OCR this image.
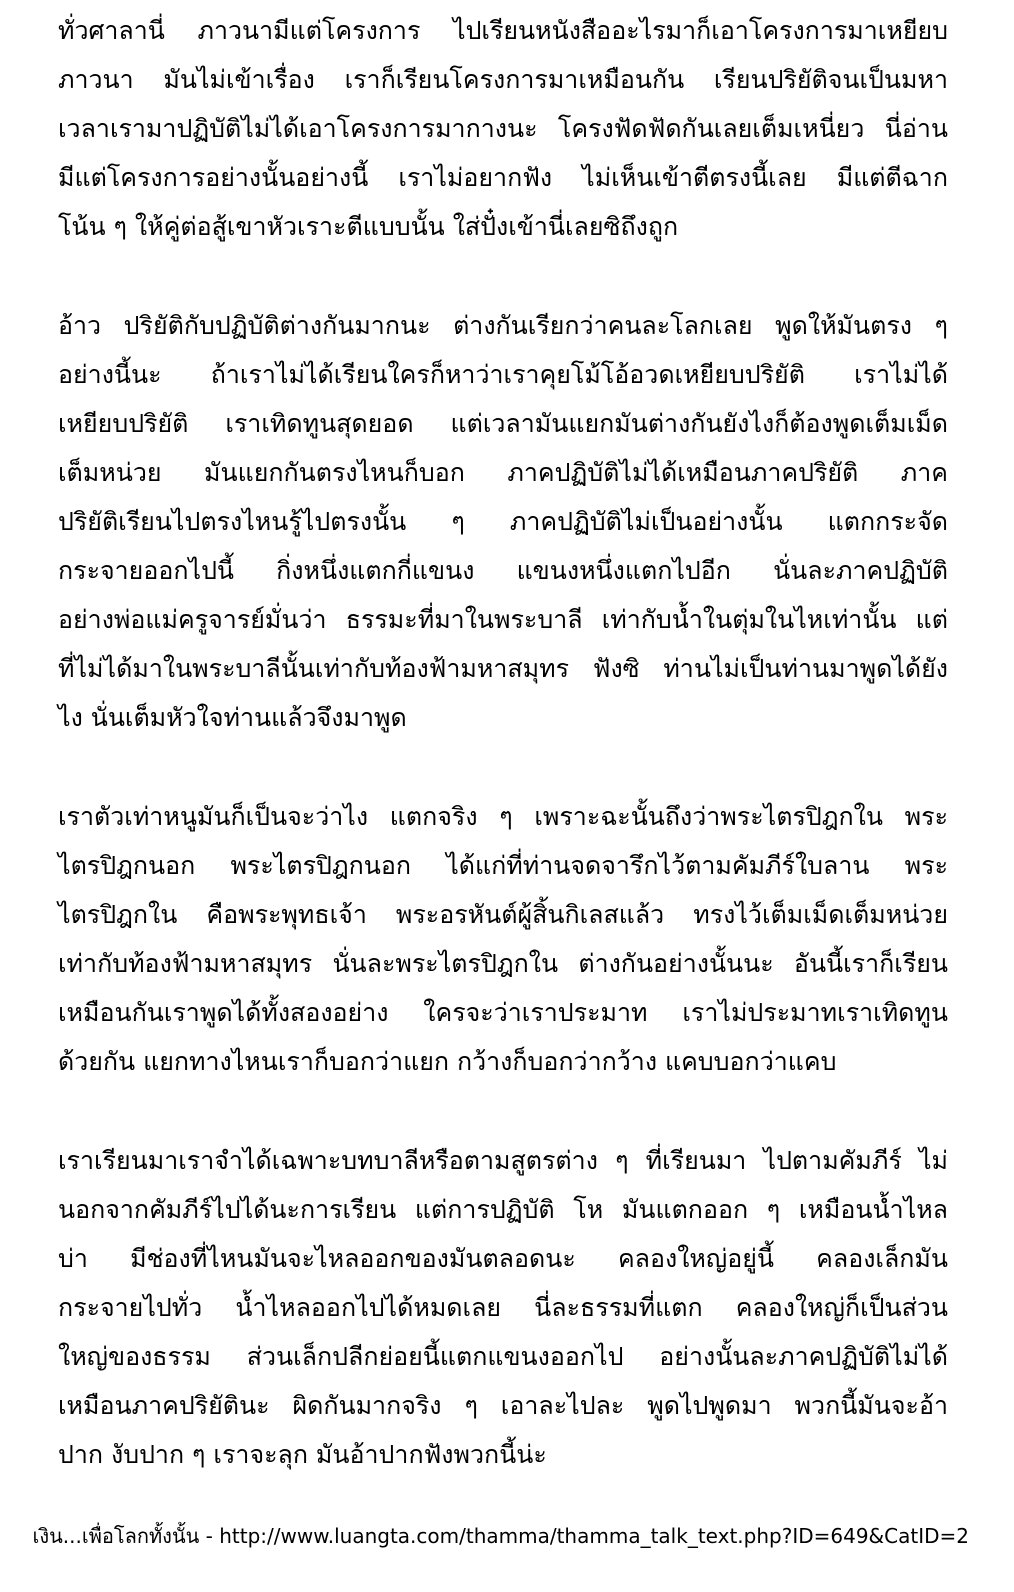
ทั่วศาลานี่ ภาวนามีแต่โครงการ ไปเรียนหนังสืออะไรมาก็เอาโครงการมาเหยียบ
ภาวนา มันไม่เข้าเรื่อง เราก็เรียนโครงการมาเหมือนกัน เรียนปริยัติจนเป็นมหา
เวลาเรามาปฏิบัติไม่ได้เอาโครงการมากางนะ โครงฟัดฟัดกันเลยเต็มเหนี่ยว นี่อ่าน
มีแต่โครงการอย่างนั้นอย่างนี้ เราไม่อยากฟัง ไม่เห็นเข้าตีตรงนี้เลย มีแต่ตีฉาก
โน้น ๆ ให้คู่ต่อสู้เขาหัวเราะตีแบบนั้น ใส่ปั๋งเข้านี่เลยซิถึงถูก
อ้าว ปริยัติกับปฏิบัติต่างกันมากนะ ต่างกันเรียกว่าคนละโลกเลย พูดให้มันตรง ๆ
อย่างนี้นะ ถ้าเราไม่ได้เรียนใครก็หาว่าเราคุยโม้โอ้อวดเหยียบปริยัติ เราไม่ได้
เหยียบปริยัติ เราเทิดทูนสุดยอด แต่เวลามันแยกมันต่างกันยังไงก็ต้องพูดเต็มเม็ด
เต็มหน่วย มันแยกกันตรงไหนก็บอก ภาคปฏิบัติไม่ได้เหมือนภาคปริยัติ ภาค
ปริยัติเรียนไปตรงไหนรู้ไปตรงนั้น ๆ ภาคปฏิบัติไม่เป็นอย่างนั้น แตกกระจัด
กระจายออกไปนี้ กิ่งหนึ่งแตกกี่แขนง แขนงหนึ่งแตกไปอีก นั่นละภาคปฏิบัติ
อย่างพ่อแม่ครูจารย์มั่นว่า ธรรมะที่มาในพระบาลี เท่ากับน้ำในตุ่มในไหเท่านั้น แต่
ที่ไม่ได้มาในพระบาลีนั้นเท่ากับท้องฟ้ามหาสมุทร ฟังซิ ท่านไม่เป็นท่านมาพูดได้ยัง
ไง นั่นเต็มหัวใจท่านแล้วจึงมาพูด
เราตัวเท่าหนูมันก็เป็นจะว่าไง แตกจริง ๆ เพราะฉะนั้นถึงว่าพระไตรปิฎกใน พระ
ไตรปิฎกนอก พระไตรปิฎกนอก ได้แก่ที่ท่านจดจารึกไว้ตามคัมภีร์ใบลาน พระ
ไตรปิฎกใน คือพระพุทธเจ้า พระอรหันต์ผู้สิ้นกิเลสแล้ว ทรงไว้เต็มเม็ดเต็มหน่วย
เท่ากับท้องฟ้ามหาสมุทร นั่นละพระไตรปิฎกใน ต่างกันอย่างนั้นนะ อันนี้เราก็เรียน
เหมือนกันเราพูดได้ทั้งสองอย่าง ใครจะว่าเราประมาท เราไม่ประมาทเราเทิดทูน
ด้วยกัน แยกทางไหนเราก็บอกว่าแยก กว้างก็บอกว่ากว้าง แคบบอกว่าแคบ
เราเรียนมาเราจำได้เฉพาะบทบาลีหรือตามสูตรต่าง ๆ ที่เรียนมา ไปตามคัมภีร์ ไม่
นอกจากคัมภีร์ไปได้นะการเรียน แต่การปฏิบัติ โห มันแตกออก ๆ เหมือนน้ำไหล
บ่า มีช่องที่ไหนมันจะไหลออกของมันตลอดนะ คลองใหญ่อยู่นี้ คลองเล็กมัน
กระจายไปทั่ว น้ำไหลออกไปได้หมดเลย นี่ละธรรมที่แตก คลองใหญ่ก็เป็นส่วน
ใหญ่ของธรรม ส่วนเล็กปลีกย่อยนี้แตกแขนงออกไป อย่างนั้นละภาคปฏิบัติไม่ได้
เหมือนภาคปริยัตินะ ผิดกันมากจริง ๆ เอาละไปละ พูดไปพูดมา พวกนี้มันจะอ้า
ปาก งับปาก ๆ เราจะลุก มันอ้าปากฟังพวกนี้น่ะ
เงิน...เพื่อโลกทั้งนั้น - http://www.luangta.com/thamma/thamma_talk_text.php?ID=649&CatID=2
